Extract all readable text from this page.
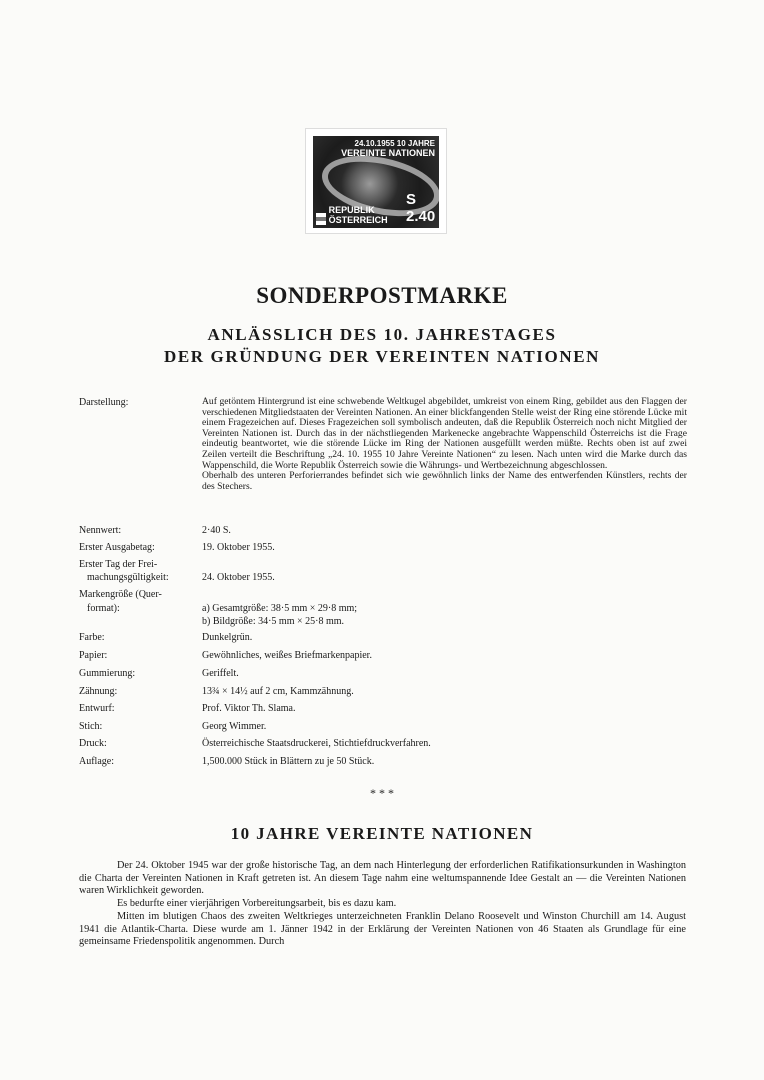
24.10.1955 10 JAHRE
VEREINTE NATIONEN
REPUBLIK ÖSTERREICH
S 2.40
SONDERPOSTMARKE
ANLÄSSLICH DES 10. JAHRESTAGES
DER GRÜNDUNG DER VEREINTEN NATIONEN
Darstellung:	Auf getöntem Hintergrund ist eine schwebende Weltkugel abgebildet, umkreist von einem Ring, gebildet aus den Flaggen der verschiedenen Mitgliedstaaten der Vereinten Nationen. An einer blickfangenden Stelle weist der Ring eine störende Lücke mit einem Fragezeichen auf. Dieses Fragezeichen soll symbolisch andeuten, daß die Republik Österreich noch nicht Mitglied der Vereinten Nationen ist. Durch das in der nächstliegenden Markenecke angebrachte Wappenschild Österreichs ist die Frage eindeutig beantwortet, wie die störende Lücke im Ring der Nationen ausgefüllt werden müßte. Rechts oben ist auf zwei Zeilen verteilt die Beschriftung „24. 10. 1955 10 Jahre Vereinte Nationen“ zu lesen. Nach unten wird die Marke durch das Wappenschild, die Worte Republik Österreich sowie die Währungs- und Wertbezeichnung abgeschlossen.
Oberhalb des unteren Perforierrandes befindet sich wie gewöhnlich links der Name des entwerfenden Künstlers, rechts der des Stechers.
Nennwert:	2·40 S.
Erster Ausgabetag:	19. Oktober 1955.
Erster Tag der Frei-
machungsgültigkeit:	24. Oktober 1955.
Markengröße (Quer-
format):	a) Gesamtgröße: 38·5 mm × 29·8 mm;
b) Bildgröße: 34·5 mm × 25·8 mm.
Farbe:	Dunkelgrün.
Papier:	Gewöhnliches, weißes Briefmarkenpapier.
Gummierung:	Geriffelt.
Zähnung:	13¾ × 14½ auf 2 cm, Kammzähnung.
Entwurf:	Prof. Viktor Th. Slama.
Stich:	Georg Wimmer.
Druck:	Österreichische Staatsdruckerei, Stichtiefdruckverfahren.
Auflage:	1,500.000 Stück in Blättern zu je 50 Stück.
* * *
10 JAHRE VEREINTE NATIONEN

Der 24. Oktober 1945 war der große historische Tag, an dem nach Hinterlegung der erforderlichen Ratifikationsurkunden in Washington die Charta der Vereinten Nationen in Kraft getreten ist. An diesem Tage nahm eine weltumspannende Idee Gestalt an — die Vereinten Nationen waren Wirklichkeit geworden.

Es bedurfte einer vierjährigen Vorbereitungsarbeit, bis es dazu kam.

Mitten im blutigen Chaos des zweiten Weltkrieges unterzeichneten Franklin Delano Roosevelt und Winston Churchill am 14. August 1941 die Atlantik-Charta. Diese wurde am 1. Jänner 1942 in der Erklärung der Vereinten Nationen von 46 Staaten als Grundlage für eine gemeinsame Friedenspolitik angenommen. Durch
